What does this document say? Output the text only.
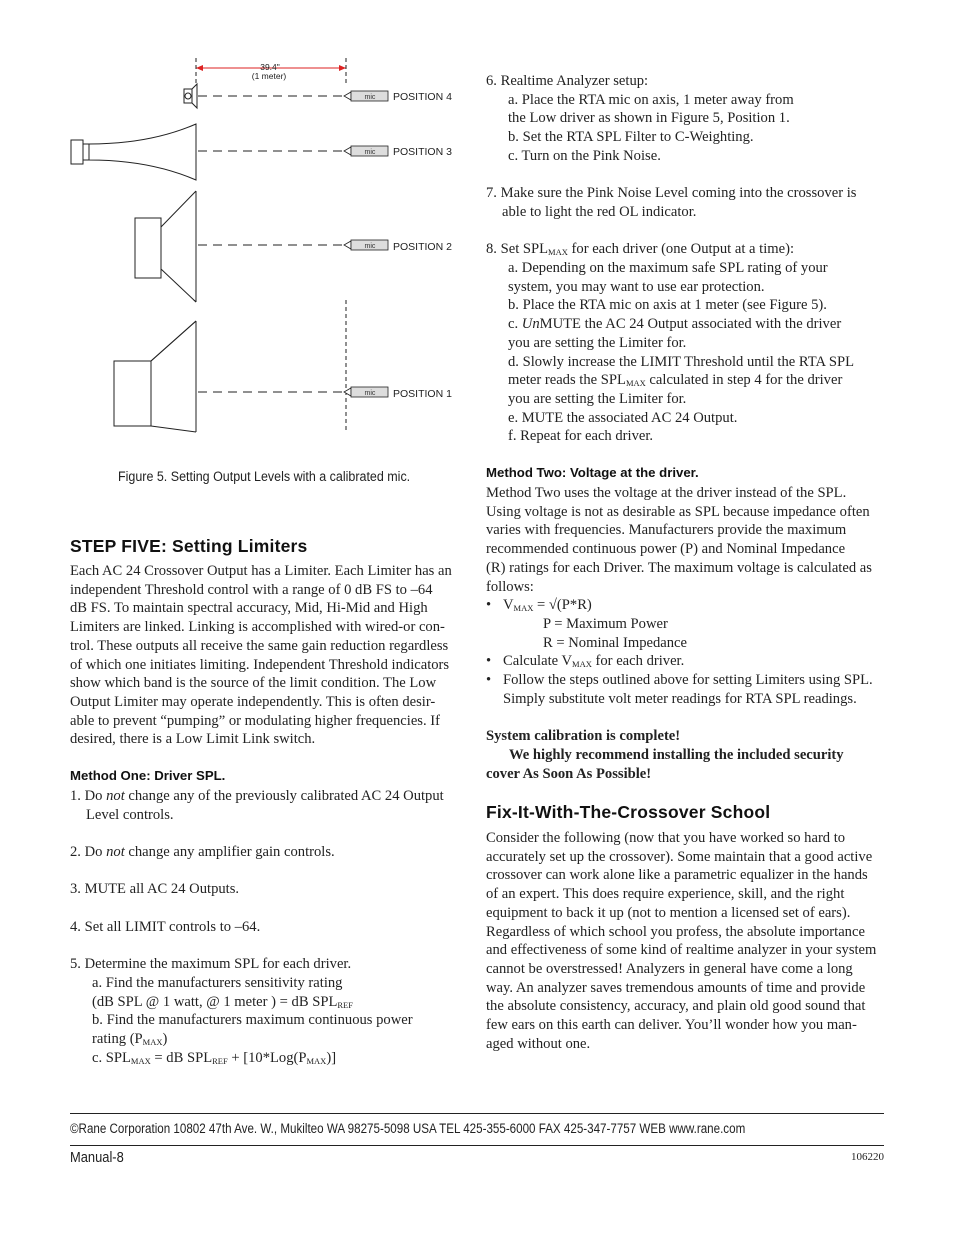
39.4"
(1 meter)
mic
mic
mic
POSITION 4
POSITION 3
POSITION 2
mic POSITION 1
Figure 5. Setting Output Levels with a calibrated mic.
STEP FIVE: Setting Limiters

Each AC 24 Crossover Output has a Limiter. Each Limiter has an

independent Threshold control with a range of 0 dB FS to –64

dB FS. To maintain spectral accuracy, Mid, Hi-Mid and High

Limiters are linked. Linking is accomplished with wired-or con-

trol. These outputs all receive the same gain reduction regardless

of which one initiates limiting. Independent Threshold indicators

show which band is the source of the limit condition. The Low

Output Limiter may operate independently. This is often desir-

able to prevent “pumping” or modulating higher frequencies. If

desired, there is a Low Limit Link switch.

Method One: Driver SPL.

1. Do not change any of the previously calibrated AC 24 Output

Level controls.

2. Do not change any amplifier gain controls.

3. MUTE all AC 24 Outputs.

4. Set all LIMIT controls to –64.

5. Determine the maximum SPL for each driver.

a. Find the manufacturers sensitivity rating

(dB SPL @ 1 watt, @ 1 meter ) = dB $SPL_{REF}$

b. Find the manufacturers maximum continuous power

rating $(P_{MAX})$

c. $SPL_{MAX}$ = dB $SPL_{REF} + [10*Log(P_{MAX})]$

6. Realtime Analyzer setup:

a. Place the RTA mic on axis, 1 meter away from

the Low driver as shown in Figure 5, Position 1.

b. Set the RTA SPL Filter to C-Weighting.

c. Turn on the Pink Noise.

7. Make sure the Pink Noise Level coming into the crossover is

able to light the red OL indicator.

8. Set $SPL_{MAX}$ for each driver (one Output at a time):

a. Depending on the maximum safe SPL rating of your

system, you may want to use ear protection.

b. Place the RTA mic on axis at 1 meter (see Figure 5).

c. UnMUTE the AC 24 Output associated with the driver

you are setting the Limiter for.

d. Slowly increase the LIMIT Threshold until the RTA SPL

meter reads the $SPL_{MAX}$ calculated in step 4 for the driver

you are setting the Limiter for.

e. MUTE the associated AC 24 Output.

f. Repeat for each driver.

Method Two: Voltage at the driver.

Method Two uses the voltage at the driver instead of the SPL.

Using voltage is not as desirable as SPL because impedance often

varies with frequencies. Manufacturers provide the maximum

recommended continuous power (P) and Nominal Impedance

(R) ratings for each Driver. The maximum voltage is calculated as

follows:

• $V_{MAX} = √(P*R)$

P = Maximum Power

R = Nominal Impedance

• Calculate $V_{MAX}$ for each driver.

• Follow the steps outlined above for setting Limiters using SPL.

Simply substitute volt meter readings for RTA SPL readings.

System calibration is complete!

We highly recommend installing the included security

cover As Soon As Possible!

Fix-It-With-The-Crossover School

Consider the following (now that you have worked so hard to

accurately set up the crossover). Some maintain that a good active

crossover can work alone like a parametric equalizer in the hands

of an expert. This does require experience, skill, and the right

equipment to back it up (not to mention a licensed set of ears).

Regardless of which school you profess, the absolute importance

and effectiveness of some kind of realtime analyzer in your system

cannot be overstressed! Analyzers in general have come a long

way. An analyzer saves tremendous amounts of time and provide

the absolute consistency, accuracy, and plain old good sound that

few ears on this earth can deliver. You’ll wonder how you man-

aged without one.

©Rane Corporation 10802 47th Ave. W., Mukilteo WA 98275-5098 USA TEL 425-355-6000 FAX 425-347-7757 WEB www.rane.com
Manual-8	106220
